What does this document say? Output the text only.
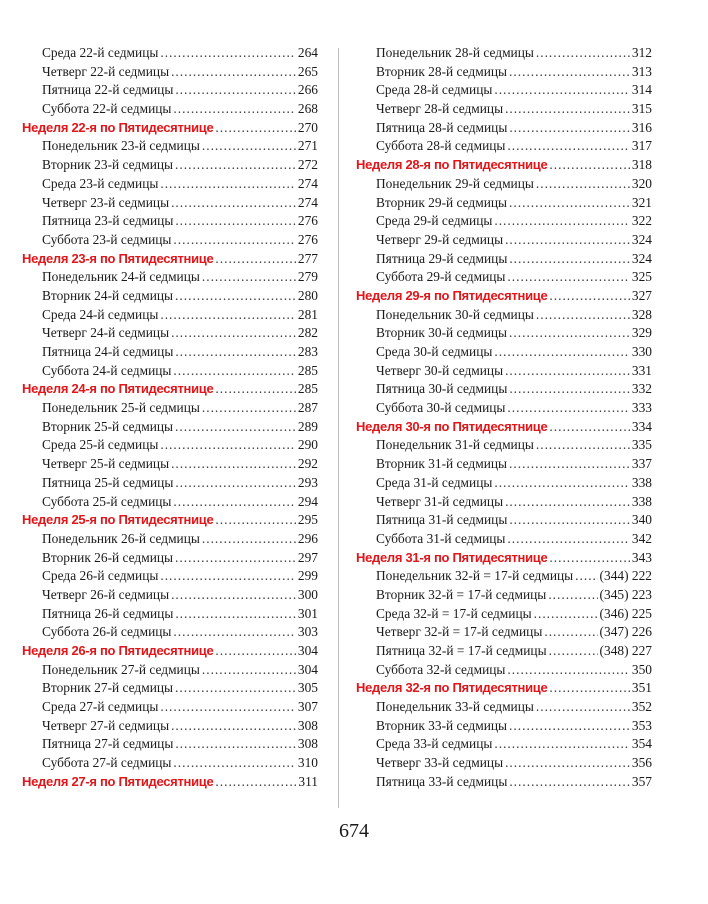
Среда 22-й седмицы .....	264
Четверг 22-й седмицы .....	265
Пятница 22-й седмицы .....	266
Суббота 22-й седмицы .....	268
Неделя 22-я по Пятидесятнице .....	270
Понедельник 23-й седмицы .....	271
Вторник 23-й седмицы .....	272
Среда 23-й седмицы .....	274
Четверг 23-й седмицы .....	274
Пятница 23-й седмицы .....	276
Суббота 23-й седмицы .....	276
Неделя 23-я по Пятидесятнице .....	277
Понедельник 24-й седмицы .....	279
Вторник 24-й седмицы .....	280
Среда 24-й седмицы .....	281
Четверг 24-й седмицы .....	282
Пятница 24-й седмицы .....	283
Суббота 24-й седмицы .....	285
Неделя 24-я по Пятидесятнице .....	285
Понедельник 25-й седмицы .....	287
Вторник 25-й седмицы .....	289
Среда 25-й седмицы .....	290
Четверг 25-й седмицы .....	292
Пятница 25-й седмицы .....	293
Суббота 25-й седмицы .....	294
Неделя 25-я по Пятидесятнице .....	295
Понедельник 26-й седмицы .....	296
Вторник 26-й седмицы .....	297
Среда 26-й седмицы .....	299
Четверг 26-й седмицы .....	300
Пятница 26-й седмицы .....	301
Суббота 26-й седмицы .....	303
Неделя 26-я по Пятидесятнице .....	304
Понедельник 27-й седмицы .....	304
Вторник 27-й седмицы .....	305
Среда 27-й седмицы .....	307
Четверг 27-й седмицы .....	308
Пятница 27-й седмицы .....	308
Суббота 27-й седмицы .....	310
Неделя 27-я по Пятидесятнице .....	311
Понедельник 28-й седмицы .....	312
Вторник 28-й седмицы .....	313
Среда 28-й седмицы .....	314
Четверг 28-й седмицы .....	315
Пятница 28-й седмицы .....	316
Суббота 28-й седмицы .....	317
Неделя 28-я по Пятидесятнице .....	318
Понедельник 29-й седмицы .....	320
Вторник 29-й седмицы .....	321
Среда 29-й седмицы .....	322
Четверг 29-й седмицы .....	324
Пятница 29-й седмицы .....	324
Суббота 29-й седмицы .....	325
Неделя 29-я по Пятидесятнице .....	327
Понедельник 30-й седмицы .....	328
Вторник 30-й седмицы .....	329
Среда 30-й седмицы .....	330
Четверг 30-й седмицы .....	331
Пятница 30-й седмицы .....	332
Суббота 30-й седмицы .....	333
Неделя 30-я по Пятидесятнице .....	334
Понедельник 31-й седмицы .....	335
Вторник 31-й седмицы .....	337
Среда 31-й седмицы .....	338
Четверг 31-й седмицы .....	338
Пятница 31-й седмицы .....	340
Суббота 31-й седмицы .....	342
Неделя 31-я по Пятидесятнице .....	343
Понедельник 32-й = 17-й седмицы ..... (344) 222
Вторник 32-й = 17-й седмицы .....	(345) 223
Среда 32-й = 17-й седмицы .....	(346) 225
Четверг 32-й = 17-й седмицы .....	(347) 226
Пятница 32-й = 17-й седмицы .....	(348) 227
Суббота 32-й седмицы .....	350
Неделя 32-я по Пятидесятнице .....	351
Понедельник 33-й седмицы .....	352
Вторник 33-й седмицы .....	353
Среда 33-й седмицы .....	354
Четверг 33-й седмицы .....	356
Пятница 33-й седмицы .....	357
674
